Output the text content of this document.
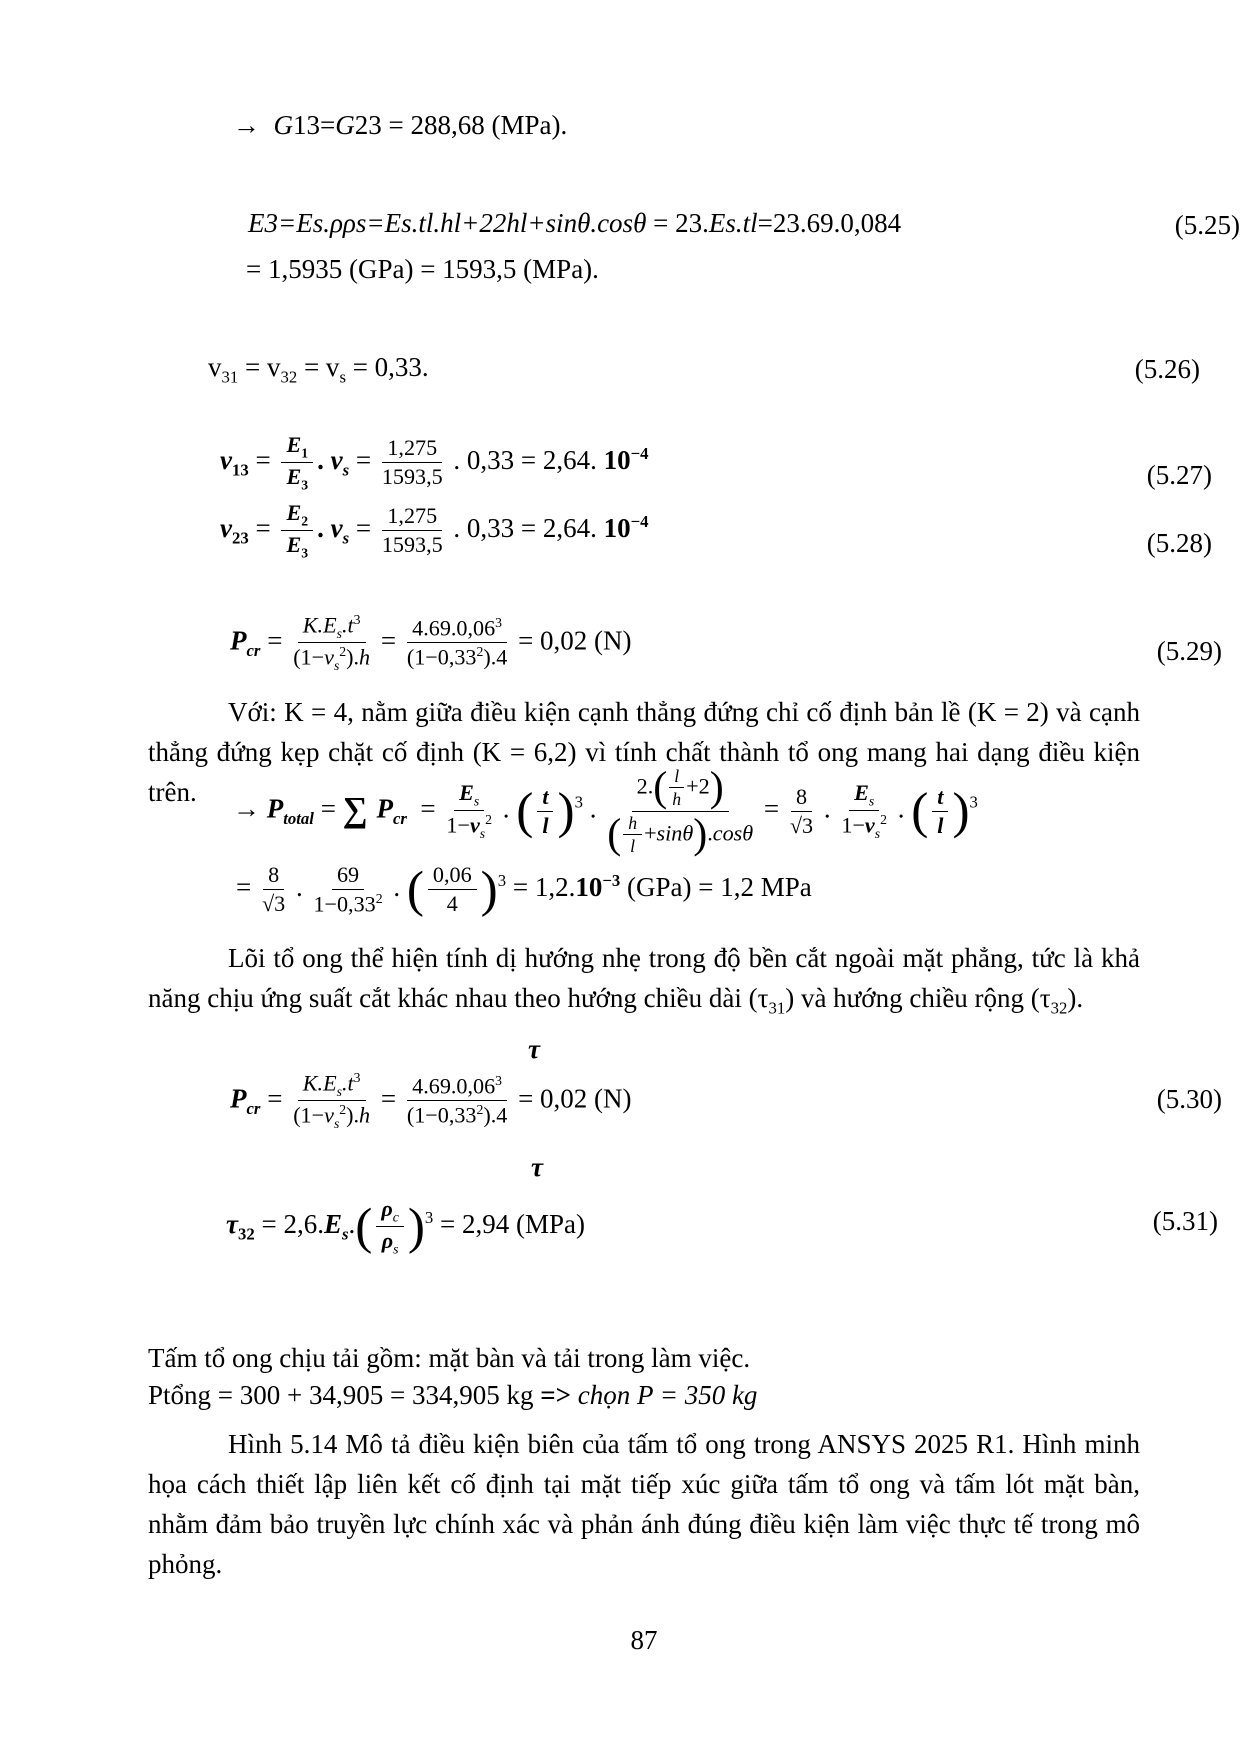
→  G13=G23 = 288,68 (MPa).
E3=Es.ρρs=Es.tl.hl+22hl+sinθ.cosθ = 23.Es.tl=23.69.0,084	(5.25)
= 1,5935 (GPa) = 1593,5 (MPa).
$v_{31} = v_{32} = v_s = 0,33$.	(5.26)
$v_{13} = \frac{E_1}{E_3}$ . $v_s = \frac{1,275}{1593,5}$ . 0,33 = 2,64. $10^{-4}$
(5.27)
$v_{23} = \frac{E_2}{E_3}$ . $v_s = \frac{1,275}{1593,5}$ . 0,33 = 2,64. $10^{-4}$
(5.28)
$P_{cr} = \frac{K.E_s.t^3}{(1-v_s^2).h} = \frac{4.69.0,06^3}{(1-0,33^2).4} = 0,02$ (N)	(5.29)

Với: K = 4, nằm giữa điều kiện cạnh thẳng đứng chỉ cố định bản lề (K = 2) và cạnh thẳng đứng kẹp chặt cố định (K = 6,2) vì tính chất thành tổ ong mang hai dạng điều kiện trên.

→ $P_{total}$ = ∑ $P_{cr} = \frac{E_s}{1-v_s^2}$ . ( $\frac{t}{l} )^3$ . $\frac{2.( \frac{l}{h} +2)}{( \frac{h}{l} +\sin\theta).\cos\theta} = \frac{8}{√3}$ . $\frac{E_s}{1-v_s^2}$ . ( $\frac{t}{l} )^3$
= $\frac{8}{√3}$ . $\frac{69}{1-0,33^2}$ . ( $\frac{0,06}{4} )^3 = 1,2.10^{-3}$ (GPa) = 1,2 MPa

Lõi tổ ong thể hiện tính dị hướng nhẹ trong độ bền cắt ngoài mặt phẳng, tức là khả năng chịu ứng suất cắt khác nhau theo hướng chiều dài $(\tau_{31})$ và hướng chiều rộng $(\tau_{32})$.

τ
$P_{cr} = \frac{K.E_s.t^3}{(1-v_s^2).h} = \frac{4.69.0,06^3}{(1-0,33^2).4} = 0,02$ (N)	(5.30)
τ
$\tau_{32} = 2,6.E_s.( \frac{\rho_c}{\rho_s} )^3 = 2,94$ (MPa)	(5.31)

Tấm tổ ong chịu tải gồm: mặt bàn và tải trong làm việc.

Ptổng = 300 + 34,905 = 334,905 kg => chọn P = 350 kg

Hình 5.14 Mô tả điều kiện biên của tấm tổ ong trong ANSYS 2025 R1. Hình minh họa cách thiết lập liên kết cố định tại mặt tiếp xúc giữa tấm tổ ong và tấm lót mặt bàn, nhằm đảm bảo truyền lực chính xác và phản ánh đúng điều kiện làm việc thực tế trong mô phỏng.

87
